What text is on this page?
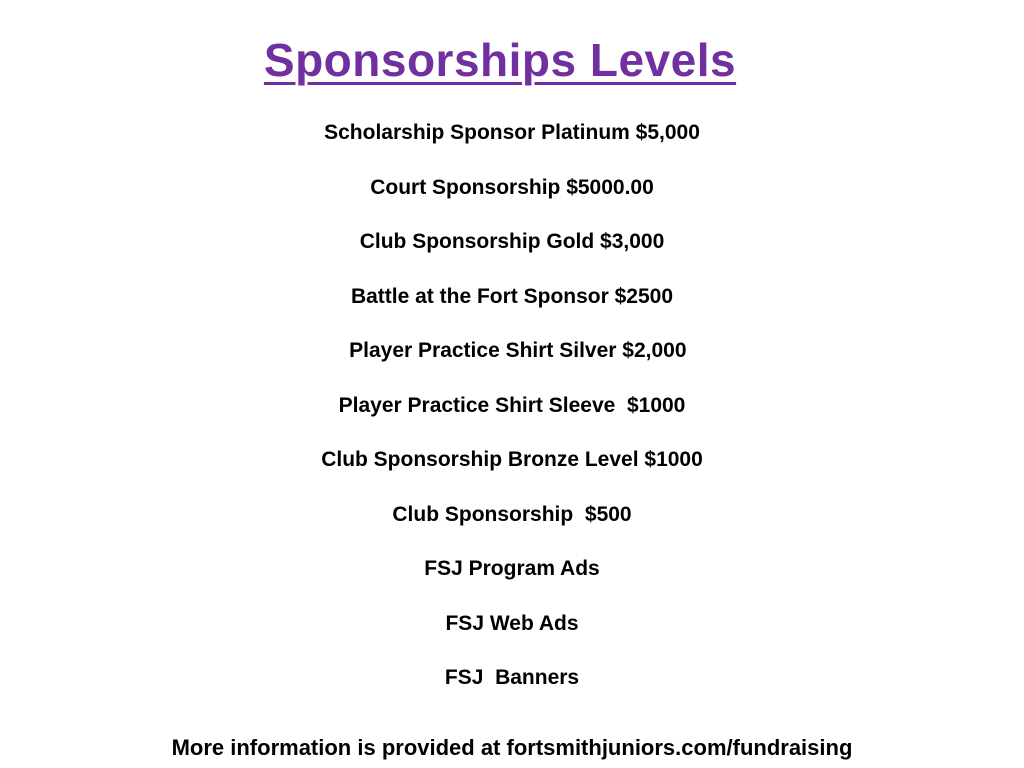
Sponsorships Levels
Scholarship Sponsor Platinum $5,000
Court Sponsorship $5000.00
Club Sponsorship Gold $3,000
Battle at the Fort Sponsor $2500
Player Practice Shirt Silver $2,000
Player Practice Shirt Sleeve  $1000
Club Sponsorship Bronze Level $1000
Club Sponsorship  $500
FSJ Program Ads
FSJ Web Ads
FSJ  Banners
More information is provided at fortsmithjuniors.com/fundraising
